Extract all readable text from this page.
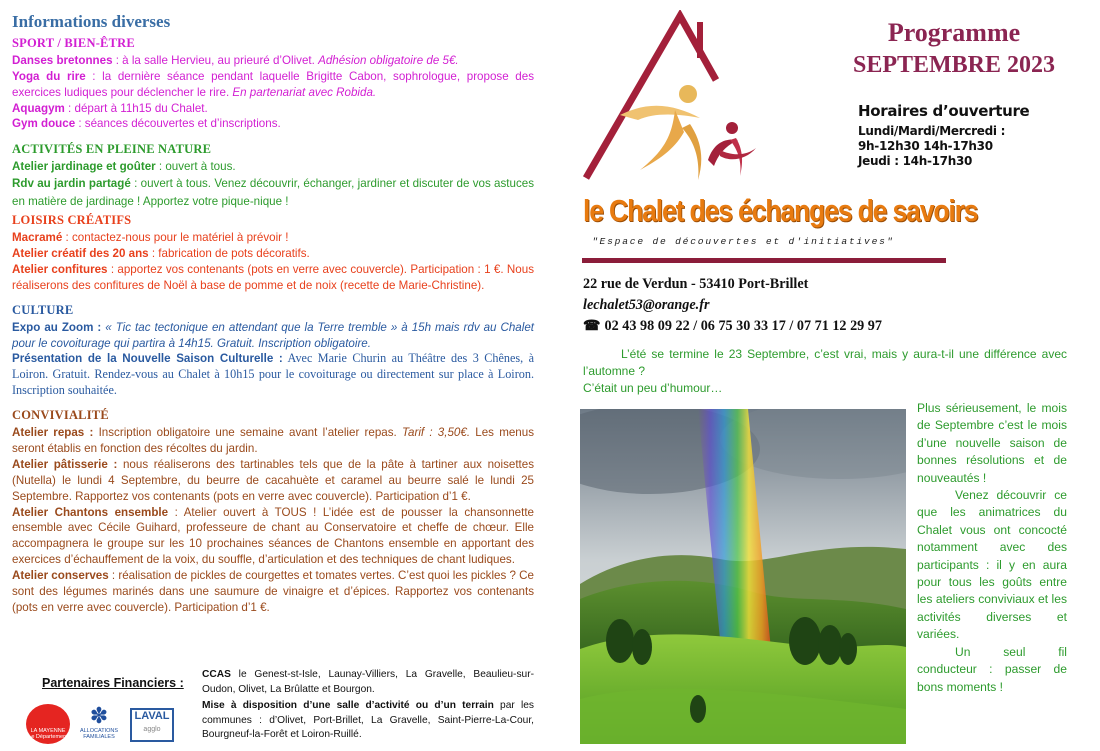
Informations diverses
SPORT / BIEN-ÊTRE

Danses bretonnes : à la salle Hervieu, au prieuré d’Olivet. Adhésion obligatoire de 5€.

Yoga du rire : la dernière séance pendant laquelle Brigitte Cabon, sophrologue, propose des exercices ludiques pour déclencher le rire. En partenariat avec Robida.

Aquagym : départ à 11h15 du Chalet.

Gym douce : séances découvertes et d’inscriptions.

ACTIVITÉS EN PLEINE NATURE

Atelier jardinage et goûter : ouvert à tous.

Rdv au jardin partagé : ouvert à tous. Venez découvrir, échanger, jardiner et discuter de vos astuces en matière de jardinage ! Apportez votre pique-nique !

LOISIRS CRÉATIFS

Macramé : contactez-nous pour le matériel à prévoir !

Atelier créatif des 20 ans : fabrication de pots décoratifs.

Atelier confitures : apportez vos contenants (pots en verre avec couvercle). Participation : 1 €. Nous réaliserons des confitures de Noël à base de pomme et de noix (recette de Marie-Christine).

CULTURE

Expo au Zoom : « Tic tac tectonique en attendant que la Terre tremble » à 15h mais rdv au Chalet pour le covoiturage qui partira à 14h15. Gratuit. Inscription obligatoire.

Présentation de la Nouvelle Saison Culturelle : Avec Marie Churin au Théâtre des 3 Chênes, à Loiron. Gratuit. Rendez-vous au Chalet à 10h15 pour le covoiturage ou directement sur place à Loiron. Inscription souhaitée.

CONVIVIALITÉ

Atelier repas : Inscription obligatoire une semaine avant l’atelier repas. Tarif : 3,50€. Les menus seront établis en fonction des récoltes du jardin.

Atelier pâtisserie : nous réaliserons des tartinables tels que de la pâte à tartiner aux noisettes (Nutella) le lundi 4 Septembre, du beurre de cacahuète et caramel au beurre salé le lundi 25 Septembre. Rapportez vos contenants (pots en verre avec couvercle). Participation d’1 €.

Atelier Chantons ensemble : Atelier ouvert à TOUS ! L’idée est de pousser la chansonnette ensemble avec Cécile Guihard, professeure de chant au Conservatoire et cheffe de chœur. Elle accompagnera le groupe sur les 10 prochaines séances de Chantons ensemble en apportant des exercices d’échauffement de la voix, du souffle, d’articulation et des techniques de chant ludiques.

Atelier conserves : réalisation de pickles de courgettes et tomates vertes. C’est quoi les pickles ? Ce sont des légumes marinés dans une saumure de vinaigre et d’épices. Rapportez vos contenants (pots en verre avec couvercle). Participation d’1 €.

Partenaires Financiers :
LA MAYENNE
Le Département
✽
ALLOCATIONS FAMILIALES
LAVAL
agglo

CCAS le Genest-st-Isle, Launay-Villiers, La Gravelle, Beaulieu-sur-Oudon, Olivet, La Brûlatte et Bourgon.

Mise à disposition d’une salle d’activité ou d’un terrain par les communes : d’Olivet, Port-Brillet, La Gravelle, Saint-Pierre-La-Cour, Bourgneuf-la-Forêt et Loiron-Ruillé.

le Chalet des échanges de savoirs
"Espace de découvertes et d'initiatives"
Programme
SEPTEMBRE 2023
Horaires d’ouverture
Lundi/Mardi/Mercredi :
9h-12h30 14h-17h30
Jeudi : 14h-17h30
22 rue de Verdun - 53410 Port-Brillet
lechalet53@orange.fr
☎ 02 43 98 09 22 / 06 75 30 33 17 / 07 71 12 29 97

L’été se termine le 23 Septembre, c’est vrai, mais y aura-t-il une différence avec l’automne ?

C’était un peu d’humour…

Plus sérieusement, le mois de Septembre c’est le mois d’une nouvelle saison de bonnes résolutions et de nouveautés !

Venez découvrir ce que les animatrices du Chalet vous ont concocté notamment avec des participants : il y en aura pour tous les goûts entre les ateliers conviviaux et les activités diverses et variées.

Un seul fil conducteur : passer de bons moments !
